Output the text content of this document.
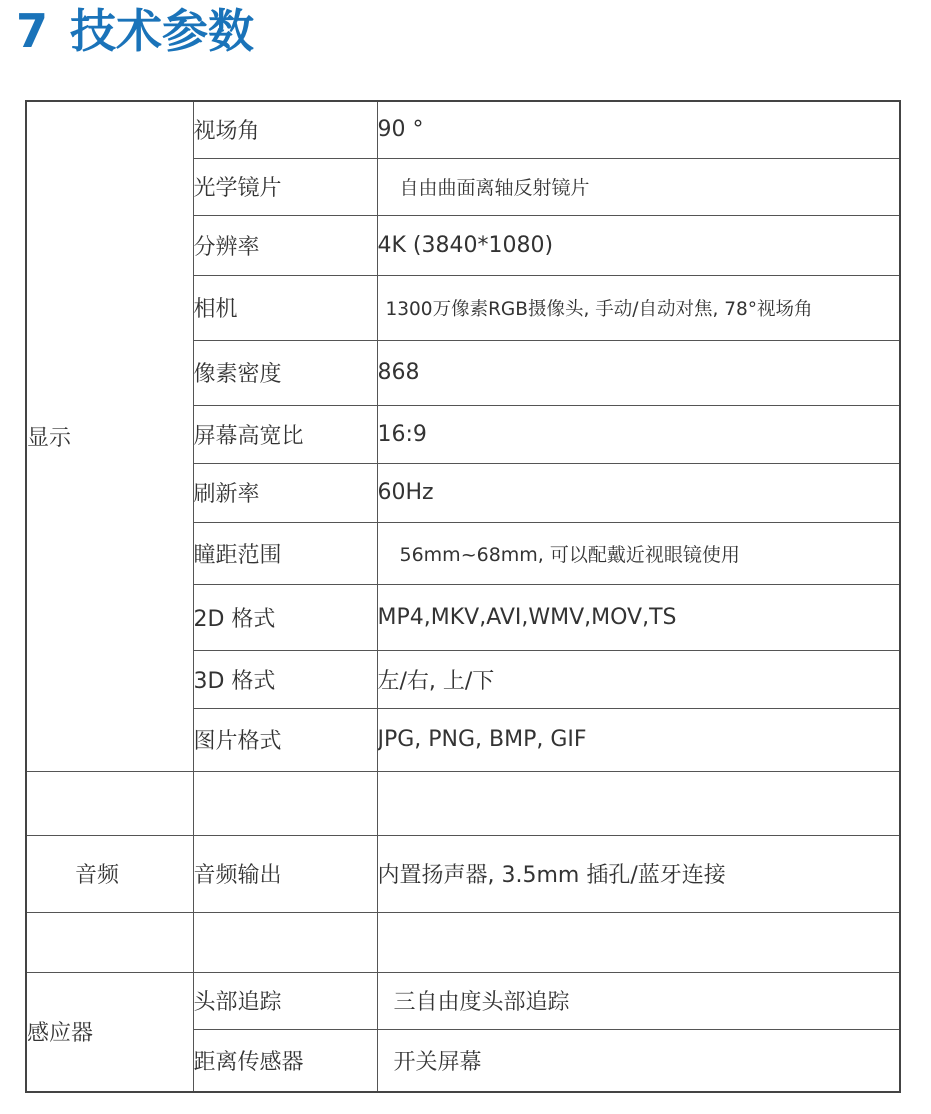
7 技术参数
显示	视场角	90 °
	光学镜片	自由曲面离轴反射镜片
	分辨率	4K (3840*1080)
	相机	1300万像素RGB摄像头, 手动/自动对焦, 78°视场角
	像素密度	868
	屏幕高宽比	16:9
	刷新率	60Hz
	瞳距范围	56mm~68mm, 可以配戴近视眼镜使用
	2D 格式	MP4,MKV,AVI,WMV,MOV,TS
	3D 格式	左/右, 上/下
	图片格式	JPG, PNG, BMP, GIF

音频	音频输出	内置扬声器, 3.5mm 插孔/蓝牙连接

感应器	头部追踪	三自由度头部追踪
	距离传感器	开关屏幕
